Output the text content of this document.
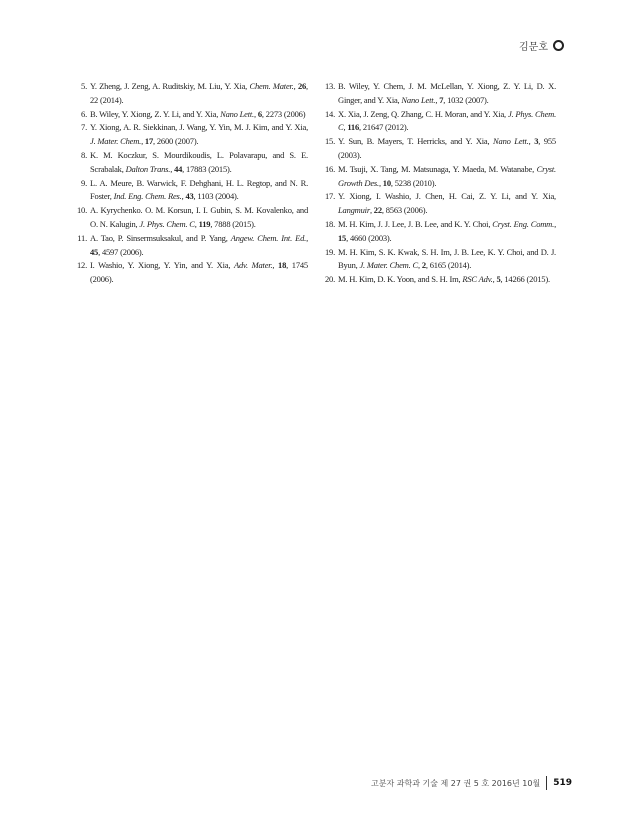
김문호
5. Y. Zheng, J. Zeng, A. Ruditskiy, M. Liu, Y. Xia, Chem. Mater., 26, 22 (2014).
6. B. Wiley, Y. Xiong, Z. Y. Li, and Y. Xia, Nano Lett., 6, 2273 (2006)
7. Y. Xiong, A. R. Siekkinan, J. Wang, Y. Yin, M. J. Kim, and Y. Xia, J. Mater. Chem., 17, 2600 (2007).
8. K. M. Koczkur, S. Mourdikoudis, L. Polavarapu, and S. E. Scrabalak, Dalton Trans., 44, 17883 (2015).
9. L. A. Meure, B. Warwick, F. Dehghani, H. L. Regtop, and N. R. Foster, Ind. Eng. Chem. Res., 43, 1103 (2004).
10. A. Kyrychenko. O. M. Korsun, I. I. Gubin, S. M. Kovalenko, and O. N. Kalugin, J. Phys. Chem. C, 119, 7888 (2015).
11. A. Tao, P. Sinsermsuksakul, and P. Yang, Angew. Chem. Int. Ed., 45, 4597 (2006).
12. I. Washio, Y. Xiong, Y. Yin, and Y. Xia, Adv. Mater., 18, 1745 (2006).
13. B. Wiley, Y. Chem, J. M. McLellan, Y. Xiong, Z. Y. Li, D. X. Ginger, and Y. Xia, Nano Lett., 7, 1032 (2007).
14. X. Xia, J. Zeng, Q. Zhang, C. H. Moran, and Y. Xia, J. Phys. Chem. C, 116, 21647 (2012).
15. Y. Sun, B. Mayers, T. Herricks, and Y. Xia, Nano Lett., 3, 955 (2003).
16. M. Tsuji, X. Tang, M. Matsunaga, Y. Maeda, M. Watanabe, Cryst. Growth Des., 10, 5238 (2010).
17. Y. Xiong, I. Washio, J. Chen, H. Cai, Z. Y. Li, and Y. Xia, Langmuir, 22, 8563 (2006).
18. M. H. Kim, J. J. Lee, J. B. Lee, and K. Y. Choi, Cryst. Eng. Comm., 15, 4660 (2003).
19. M. H. Kim, S. K. Kwak, S. H. Im, J. B. Lee, K. Y. Choi, and D. J. Byun, J. Mater. Chem. C, 2, 6165 (2014).
20. M. H. Kim, D. K. Yoon, and S. H. Im, RSC Adv., 5, 14266 (2015).
고분자 과학과 기술 제 27 권 5 호 2016년 10월 519
